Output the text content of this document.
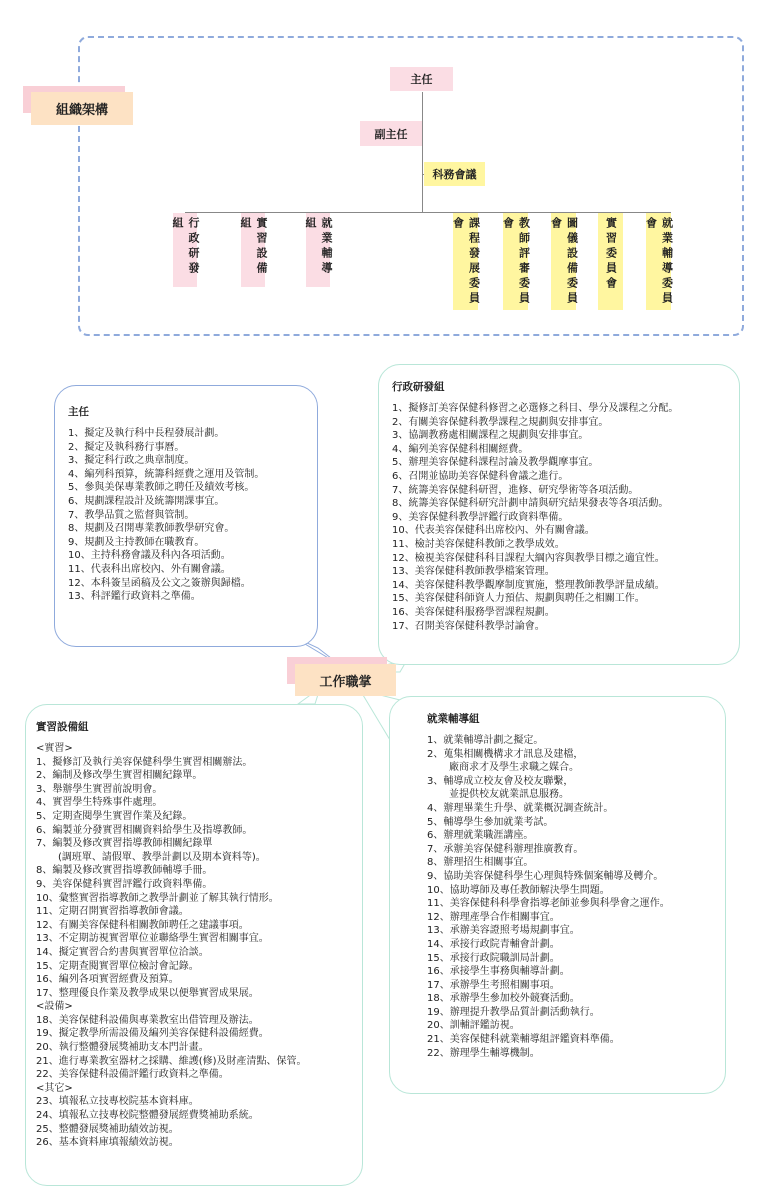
組織架構
主任
副主任
科務會議
行政研發組	實習設備組	就業輔導組	課程發展委員會	教師評審委員會	圖儀設備委員會	實習委員會	就業輔導委員會
主任
1、擬定及執行科中長程發展計劃。
2、擬定及執科務行事曆。
3、擬定科行政之典章制度。
4、編列科預算，統籌科經費之運用及管制。
5、參與美保專業教師之聘任及績效考核。
6、規劃課程設計及統籌開課事宜。
7、教學品質之監督與管制。
8、規劃及召開專業教師教學研究會。
9、規劃及主持教師在職教育。
10、主持科務會議及科內各項活動。
11、代表科出席校內、外有關會議。
12、本科簽呈函稿及公文之簽辦與歸檔。
13、科評鑑行政資料之準備。
行政研發組
1、擬修訂美容保健科修習之必選修之科目、學分及課程之分配。
2、有關美容保健科教學課程之規劃與安排事宜。
3、協調教務處相關課程之規劃與安排事宜。
4、編列美容保健科相關經費。
5、辦理美容保健科課程討論及教學觀摩事宜。
6、召開並協助美容保健科會議之進行。
7、統籌美容保健科研習，進修、研究學術等各項活動。
8、統籌美容保健科研究計劃申請與研究結果發表等各項活動。
9、美容保健科教學評鑑行政資料準備。
10、代表美容保健科出席校內、外有關會議。
11、檢討美容保健科教師之教學成效。
12、檢視美容保健科科目課程大綱內容與教學目標之適宜性。
13、美容保健科教師教學檔案管理。
14、美容保健科教學觀摩制度實施，整理教師教學評量成績。
15、美容保健科師資人力預估、規劃與聘任之相關工作。
16、美容保健科服務學習課程規劃。
17、召開美容保健科教學討論會。
工作職掌
實習設備組
<實習>
1、擬修訂及執行美容保健科學生實習相關辦法。
2、編制及修改學生實習相關紀錄單。
3、舉辦學生實習前說明會。
4、實習學生特殊事件處理。
5、定期查閱學生實習作業及紀錄。
6、編製並分發實習相關資料給學生及指導教師。
7、編製及修改實習指導教師相關紀錄單
(調班單、請假單、教學計劃以及期本資料等)。
8、編製及修改實習指導教師輔導手冊。
9、美容保健科實習評鑑行政資料準備。
10、彙整實習指導教師之教學計劃並了解其執行情形。
11、定期召開實習指導教師會議。
12、有關美容保健科相關教師聘任之建議事項。
13、不定期訪視實習單位並聯絡學生實習相關事宜。
14、擬定實習合約書與實習單位洽談。
15、定期查閱實習單位檢討會記錄。
16、編列各項實習經費及預算。
17、整理優良作業及教學成果以便舉實習成果展。
<設備>
18、美容保健科設備與專業教室出借管理及辦法。
19、擬定教學所需設備及編列美容保健科設備經費。
20、執行整體發展獎補助支本門計畫。
21、進行專業教室器材之採購、維護(修)及財產清點、保管。
22、美容保健科設備評鑑行政資料之準備。
<其它>
23、填報私立技專校院基本資料庫。
24、填報私立技專校院整體發展經費獎補助系統。
25、整體發展獎補助績效訪視。
26、基本資料庫填報績效訪視。
就業輔導組
1、就業輔導計劃之擬定。
2、蒐集相關機構求才訊息及建檔，
廠商求才及學生求職之媒合。
3、輔導成立校友會及校友聯繫，
並提供校友就業訊息服務。
4、辦理畢業生升學、就業概況調查統計。
5、輔導學生參加就業考試。
6、辦理就業職涯講座。
7、承辦美容保健科辦理推廣教育。
8、辦理招生相關事宜。
9、協助美容保健科學生心理與特殊個案輔導及轉介。
10、協助導師及專任教師解決學生問題。
11、美容保健科科學會指導老師並參與科學會之運作。
12、辦理產學合作相關事宜。
13、承辦美容證照考場規劃事宜。
14、承接行政院青輔會計劃。
15、承接行政院職訓局計劃。
16、承接學生事務與輔導計劃。
17、承辦學生考照相關事項。
18、承辦學生參加校外競賽活動。
19、辦理提升教學品質計劃活動執行。
20、訓輔評鑑訪視。
21、美容保健科就業輔導組評鑑資料準備。
22、辦理學生輔導機制。
